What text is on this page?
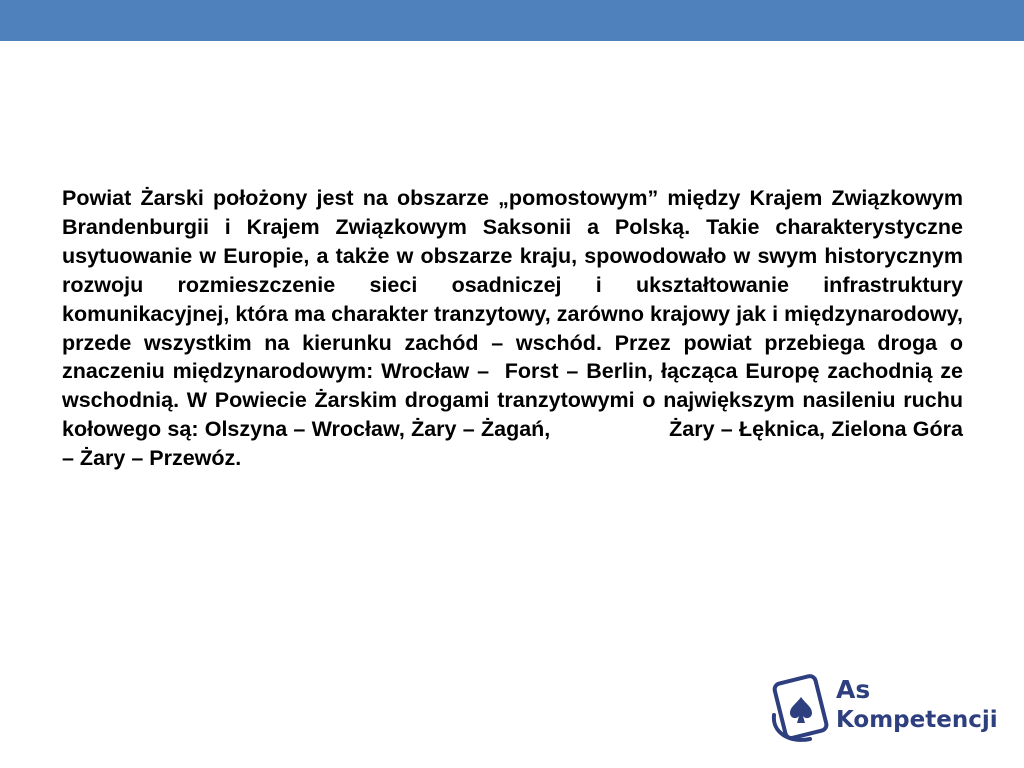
Powiat Żarski położony jest na obszarze „pomostowym” między Krajem Związkowym Brandenburgii i Krajem Związkowym Saksonii a Polską. Takie charakterystyczne usytuowanie w Europie, a także w obszarze kraju, spowodowało w swym historycznym rozwoju rozmieszczenie sieci osadniczej i ukształtowanie infrastruktury komunikacyjnej, która ma charakter tranzytowy, zarówno krajowy jak i międzynarodowy, przede wszystkim na kierunku zachód – wschód. Przez powiat przebiega droga o znaczeniu międzynarodowym: Wrocław –  Forst – Berlin, łącząca Europę zachodnią ze wschodnią. W Powiecie Żarskim drogami tranzytowymi o największym nasileniu ruchu kołowego są: Olszyna – Wrocław, Żary – Żagań,                   Żary – Łęknica, Zielona Góra – Żary – Przewóz.

As
Kompetencji
